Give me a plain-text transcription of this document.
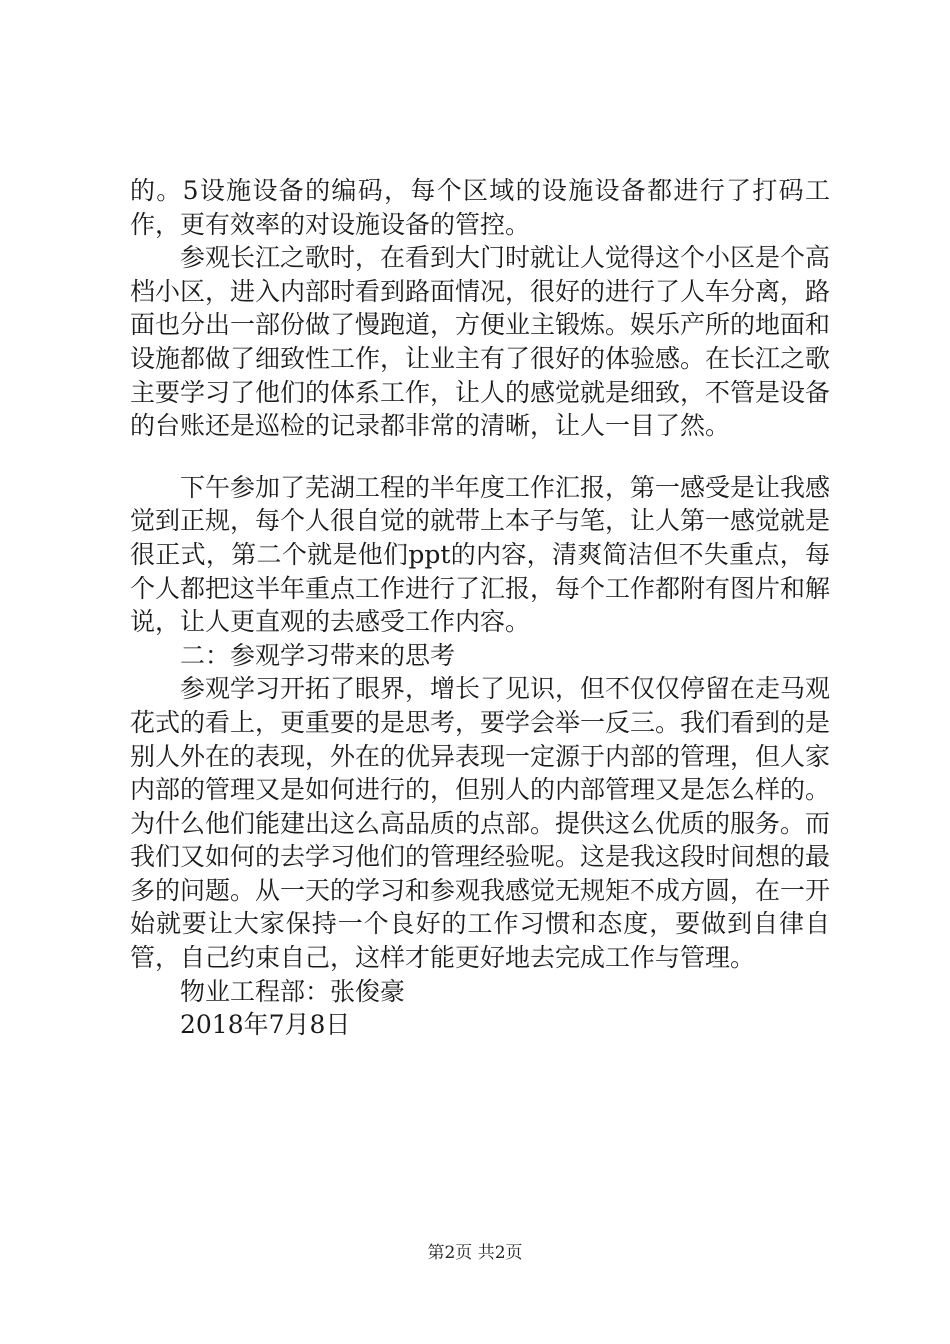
的。5设施设备的编码，每个区域的设施设备都进行了打码工作，更有效率的对设施设备的管控。

参观长江之歌时，在看到大门时就让人觉得这个小区是个高档小区，进入内部时看到路面情况，很好的进行了人车分离，路面也分出一部份做了慢跑道，方便业主锻炼。娱乐产所的地面和设施都做了细致性工作，让业主有了很好的体验感。在长江之歌主要学习了他们的体系工作，让人的感觉就是细致，不管是设备的台账还是巡检的记录都非常的清晰，让人一目了然。

下午参加了芜湖工程的半年度工作汇报，第一感受是让我感觉到正规，每个人很自觉的就带上本子与笔，让人第一感觉就是很正式，第二个就是他们ppt的内容，清爽简洁但不失重点，每个人都把这半年重点工作进行了汇报，每个工作都附有图片和解说，让人更直观的去感受工作内容。

二：参观学习带来的思考

参观学习开拓了眼界，增长了见识，但不仅仅停留在走马观花式的看上，更重要的是思考，要学会举一反三。我们看到的是别人外在的表现，外在的优异表现一定源于内部的管理，但人家内部的管理又是如何进行的，但别人的内部管理又是怎么样的。为什么他们能建出这么高品质的点部。提供这么优质的服务。而我们又如何的去学习他们的管理经验呢。这是我这段时间想的最多的问题。从一天的学习和参观我感觉无规矩不成方圆，在一开始就要让大家保持一个良好的工作习惯和态度，要做到自律自管，自己约束自己，这样才能更好地去完成工作与管理。

物业工程部：张俊豪

2018年7月8日

第2页 共2页
